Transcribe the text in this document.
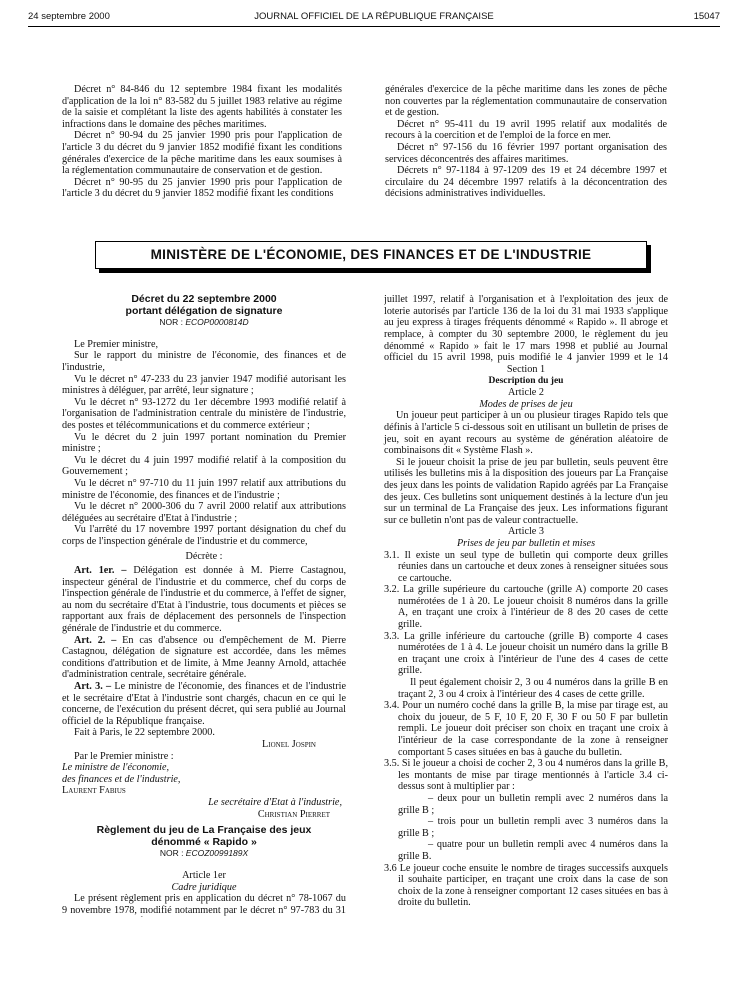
24 septembre 2000	JOURNAL OFFICIEL DE LA RÉPUBLIQUE FRANÇAISE	15047

Décret n° 84-846 du 12 septembre 1984 fixant les modalités d'application de la loi n° 83-582 du 5 juillet 1983 relative au régime de la saisie et complétant la liste des agents habilités à constater les infractions dans le domaine des pêches maritimes.

Décret n° 90-94 du 25 janvier 1990 pris pour l'application de l'article 3 du décret du 9 janvier 1852 modifié fixant les conditions générales d'exercice de la pêche maritime dans les eaux soumises à la réglementation communautaire de conservation et de gestion.

Décret n° 90-95 du 25 janvier 1990 pris pour l'application de l'article 3 du décret du 9 janvier 1852 modifié fixant les conditions

générales d'exercice de la pêche maritime dans les zones de pêche non couvertes par la réglementation communautaire de conservation et de gestion.

Décret n° 95-411 du 19 avril 1995 relatif aux modalités de recours à la coercition et de l'emploi de la force en mer.

Décret n° 97-156 du 16 février 1997 portant organisation des services déconcentrés des affaires maritimes.

Décrets n° 97-1184 à 97-1209 des 19 et 24 décembre 1997 et circulaire du 24 décembre 1997 relatifs à la déconcentration des décisions administratives individuelles.

MINISTÈRE DE L'ÉCONOMIE, DES FINANCES ET DE L'INDUSTRIE
Décret du 22 septembre 2000
portant délégation de signature
NOR : ECOP0000814D

Le Premier ministre,

Sur le rapport du ministre de l'économie, des finances et de l'industrie,

Vu le décret n° 47-233 du 23 janvier 1947 modifié autorisant les ministres à déléguer, par arrêté, leur signature ;

Vu le décret n° 93-1272 du 1er décembre 1993 modifié relatif à l'organisation de l'administration centrale du ministère de l'industrie, des postes et télécommunications et du commerce extérieur ;

Vu le décret du 2 juin 1997 portant nomination du Premier ministre ;

Vu le décret du 4 juin 1997 modifié relatif à la composition du Gouvernement ;

Vu le décret n° 97-710 du 11 juin 1997 relatif aux attributions du ministre de l'économie, des finances et de l'industrie ;

Vu le décret n° 2000-306 du 7 avril 2000 relatif aux attributions déléguées au secrétaire d'Etat à l'industrie ;

Vu l'arrêté du 17 novembre 1997 portant désignation du chef du corps de l'inspection générale de l'industrie et du commerce,

Décrète :

Art. 1er. – Délégation est donnée à M. Pierre Castagnou, inspecteur général de l'industrie et du commerce, chef du corps de l'inspection générale de l'industrie et du commerce, à l'effet de signer, au nom du secrétaire d'Etat à l'industrie, tous documents et pièces se rapportant aux frais de déplacement des personnels de l'inspection générale de l'industrie et du commerce.

Art. 2. – En cas d'absence ou d'empêchement de M. Pierre Castagnou, délégation de signature est accordée, dans les mêmes conditions d'attribution et de limite, à Mme Jeanny Arnold, attachée d'administration centrale, secrétaire générale.

Art. 3. – Le ministre de l'économie, des finances et de l'industrie et le secrétaire d'Etat à l'industrie sont chargés, chacun en ce qui le concerne, de l'exécution du présent décret, qui sera publié au Journal officiel de la République française.

Fait à Paris, le 22 septembre 2000.

Lionel Jospin

Par le Premier ministre :

Le ministre de l'économie,

des finances et de l'industrie,

Laurent Fabius

Le secrétaire d'Etat à l'industrie,

Christian Pierret

Règlement du jeu de La Française des jeux
dénommé « Rapido »
NOR : ECOZ0099189X

Article 1er

Cadre juridique

Le présent règlement pris en application du décret n° 78-1067 du 9 novembre 1978, modifié notamment par le décret n° 97-783 du 31

juillet 1997, relatif à l'organisation et à l'exploitation des jeux de loterie autorisés par l'article 136 de la loi du 31 mai 1933 s'applique au jeu express à tirages fréquents dénommé « Rapido ». Il abroge et remplace, à compter du 30 septembre 2000, le règlement du jeu dénommé « Rapido » fait le 17 mars 1998 et publié au Journal officiel du 15 avril 1998, puis modifié le 4 janvier 1999 et le 14

Section 1

Description du jeu

Article 2

Modes de prises de jeu

Un joueur peut participer à un ou plusieur tirages Rapido tels que définis à l'article 5 ci-dessous soit en utilisant un bulletin de prises de jeu, soit en ayant recours au système de génération aléatoire de combinaisons dit « Système Flash ».

Si le joueur choisit la prise de jeu par bulletin, seuls peuvent être utilisés les bulletins mis à la disposition des joueurs par La Française des jeux dans les points de validation Rapido agréés par La Française des jeux. Ces bulletins sont uniquement destinés à la lecture d'un jeu sur un terminal de La Française des jeux. Les informations figurant sur ce bulletin n'ont pas de valeur contractuelle.

Article 3

Prises de jeu par bulletin et mises

3.1. Il existe un seul type de bulletin qui comporte deux grilles réunies dans un cartouche et deux zones à renseigner situées sous ce cartouche.

3.2. La grille supérieure du cartouche (grille A) comporte 20 cases numérotées de 1 à 20. Le joueur choisit 8 numéros dans la grille A, en traçant une croix à l'intérieur de 8 des 20 cases de cette grille.

3.3. La grille inférieure du cartouche (grille B) comporte 4 cases numérotées de 1 à 4. Le joueur choisit un numéro dans la grille B en traçant une croix à l'intérieur de l'une des 4 cases de cette grille.

Il peut également choisir 2, 3 ou 4 numéros dans la grille B en traçant 2, 3 ou 4 croix à l'intérieur des 4 cases de cette grille.

3.4. Pour un numéro coché dans la grille B, la mise par tirage est, au choix du joueur, de 5 F, 10 F, 20 F, 30 F ou 50 F par bulletin rempli. Le joueur doit préciser son choix en traçant une croix à l'intérieur de la case correspondante de la zone à renseigner comportant 5 cases situées en bas à gauche du bulletin.

3.5. Si le joueur a choisi de cocher 2, 3 ou 4 numéros dans la grille B, les montants de mise par tirage mentionnés à l'article 3.4 ci-dessus sont à multiplier par :

– deux pour un bulletin rempli avec 2 numéros dans la grille B ;

– trois pour un bulletin rempli avec 3 numéros dans la grille B ;

– quatre pour un bulletin rempli avec 4 numéros dans la grille B.

3.6 Le joueur coche ensuite le nombre de tirages successifs auxquels il souhaite participer, en traçant une croix dans la case de son choix de la zone à renseigner comportant 12 cases situées en bas à droite du bulletin.
